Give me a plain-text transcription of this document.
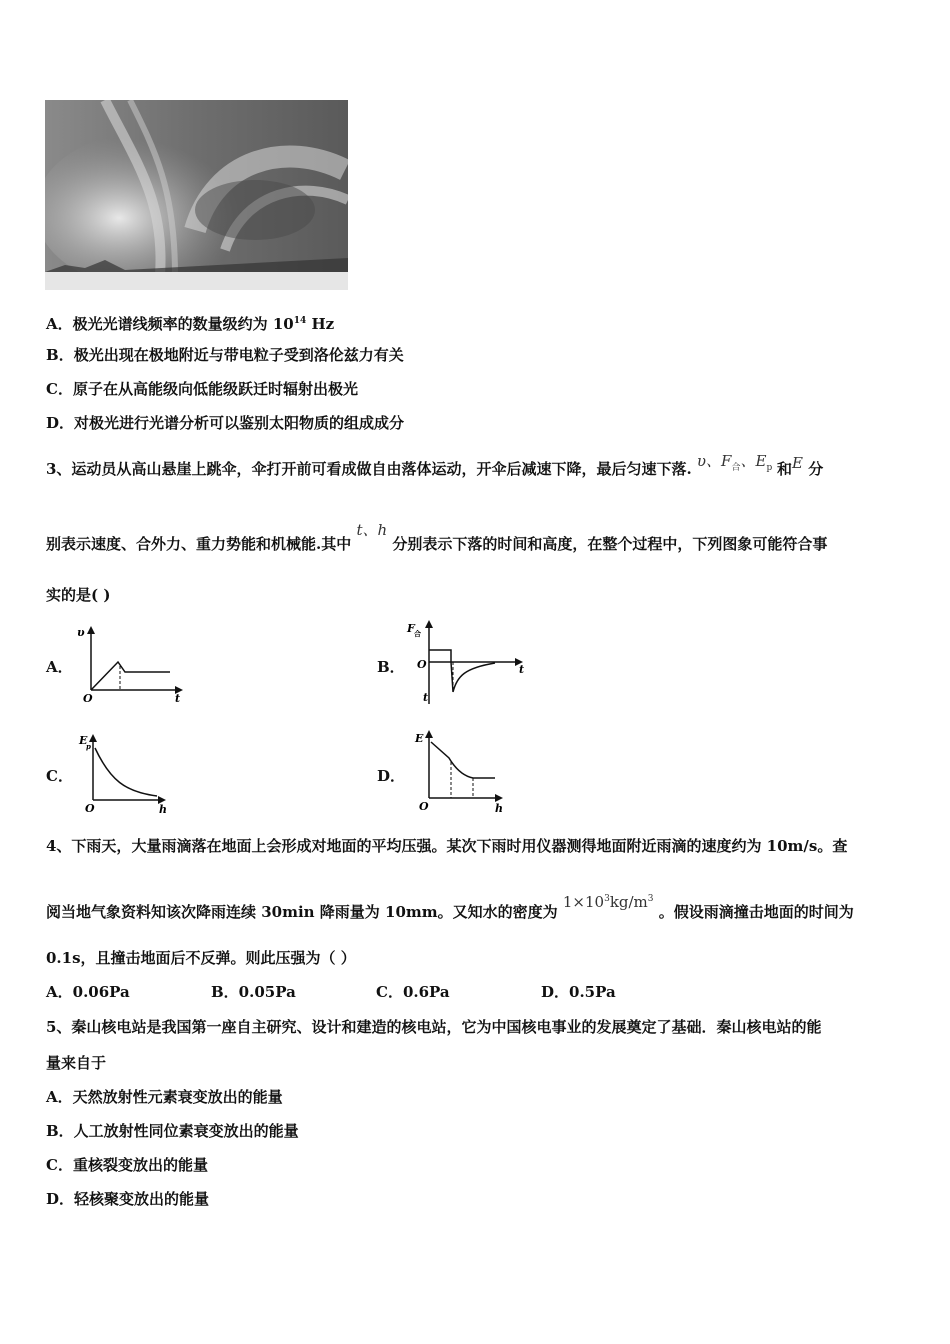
A．极光光谱线频率的数量级约为 $10^{14}$ Hz
B．极光出现在极地附近与带电粒子受到洛伦兹力有关
C．原子在从高能级向低能级跃迁时辐射出极光
D．对极光进行光谱分析可以鉴别太阳物质的组成成分
3、运动员从高山悬崖上跳伞，伞打开前可看成做自由落体运动，开伞后减速下降，最后匀速下落. υ、$F_合$、$E_p$ 和E 分
别表示速度、合外力、重力势能和机械能.其中 t、h 分别表示下落的时间和高度，在整个过程中，下列图象可能符合事
实的是( )
A．
υ
O	t
B．
F 合
O	t
t
C．
E
p
O	h
D．
E
O	h
4、下雨天，大量雨滴落在地面上会形成对地面的平均压强。某次下雨时用仪器测得地面附近雨滴的速度约为 10m/s。查
阅当地气象资料知该次降雨连续 30min 降雨量为 10mm。又知水的密度为 $1\times 10^3kg/m^3$ 。假设雨滴撞击地面的时间为
0.1s，且撞击地面后不反弹。则此压强为（ ）
A．0.06Pa	B．0.05Pa	C．0.6Pa	D．0.5Pa
5、秦山核电站是我国第一座自主研究、设计和建造的核电站，它为中国核电事业的发展奠定了基础．秦山核电站的能
量来自于
A．天然放射性元素衰变放出的能量
B．人工放射性同位素衰变放出的能量
C．重核裂变放出的能量
D．轻核聚变放出的能量
